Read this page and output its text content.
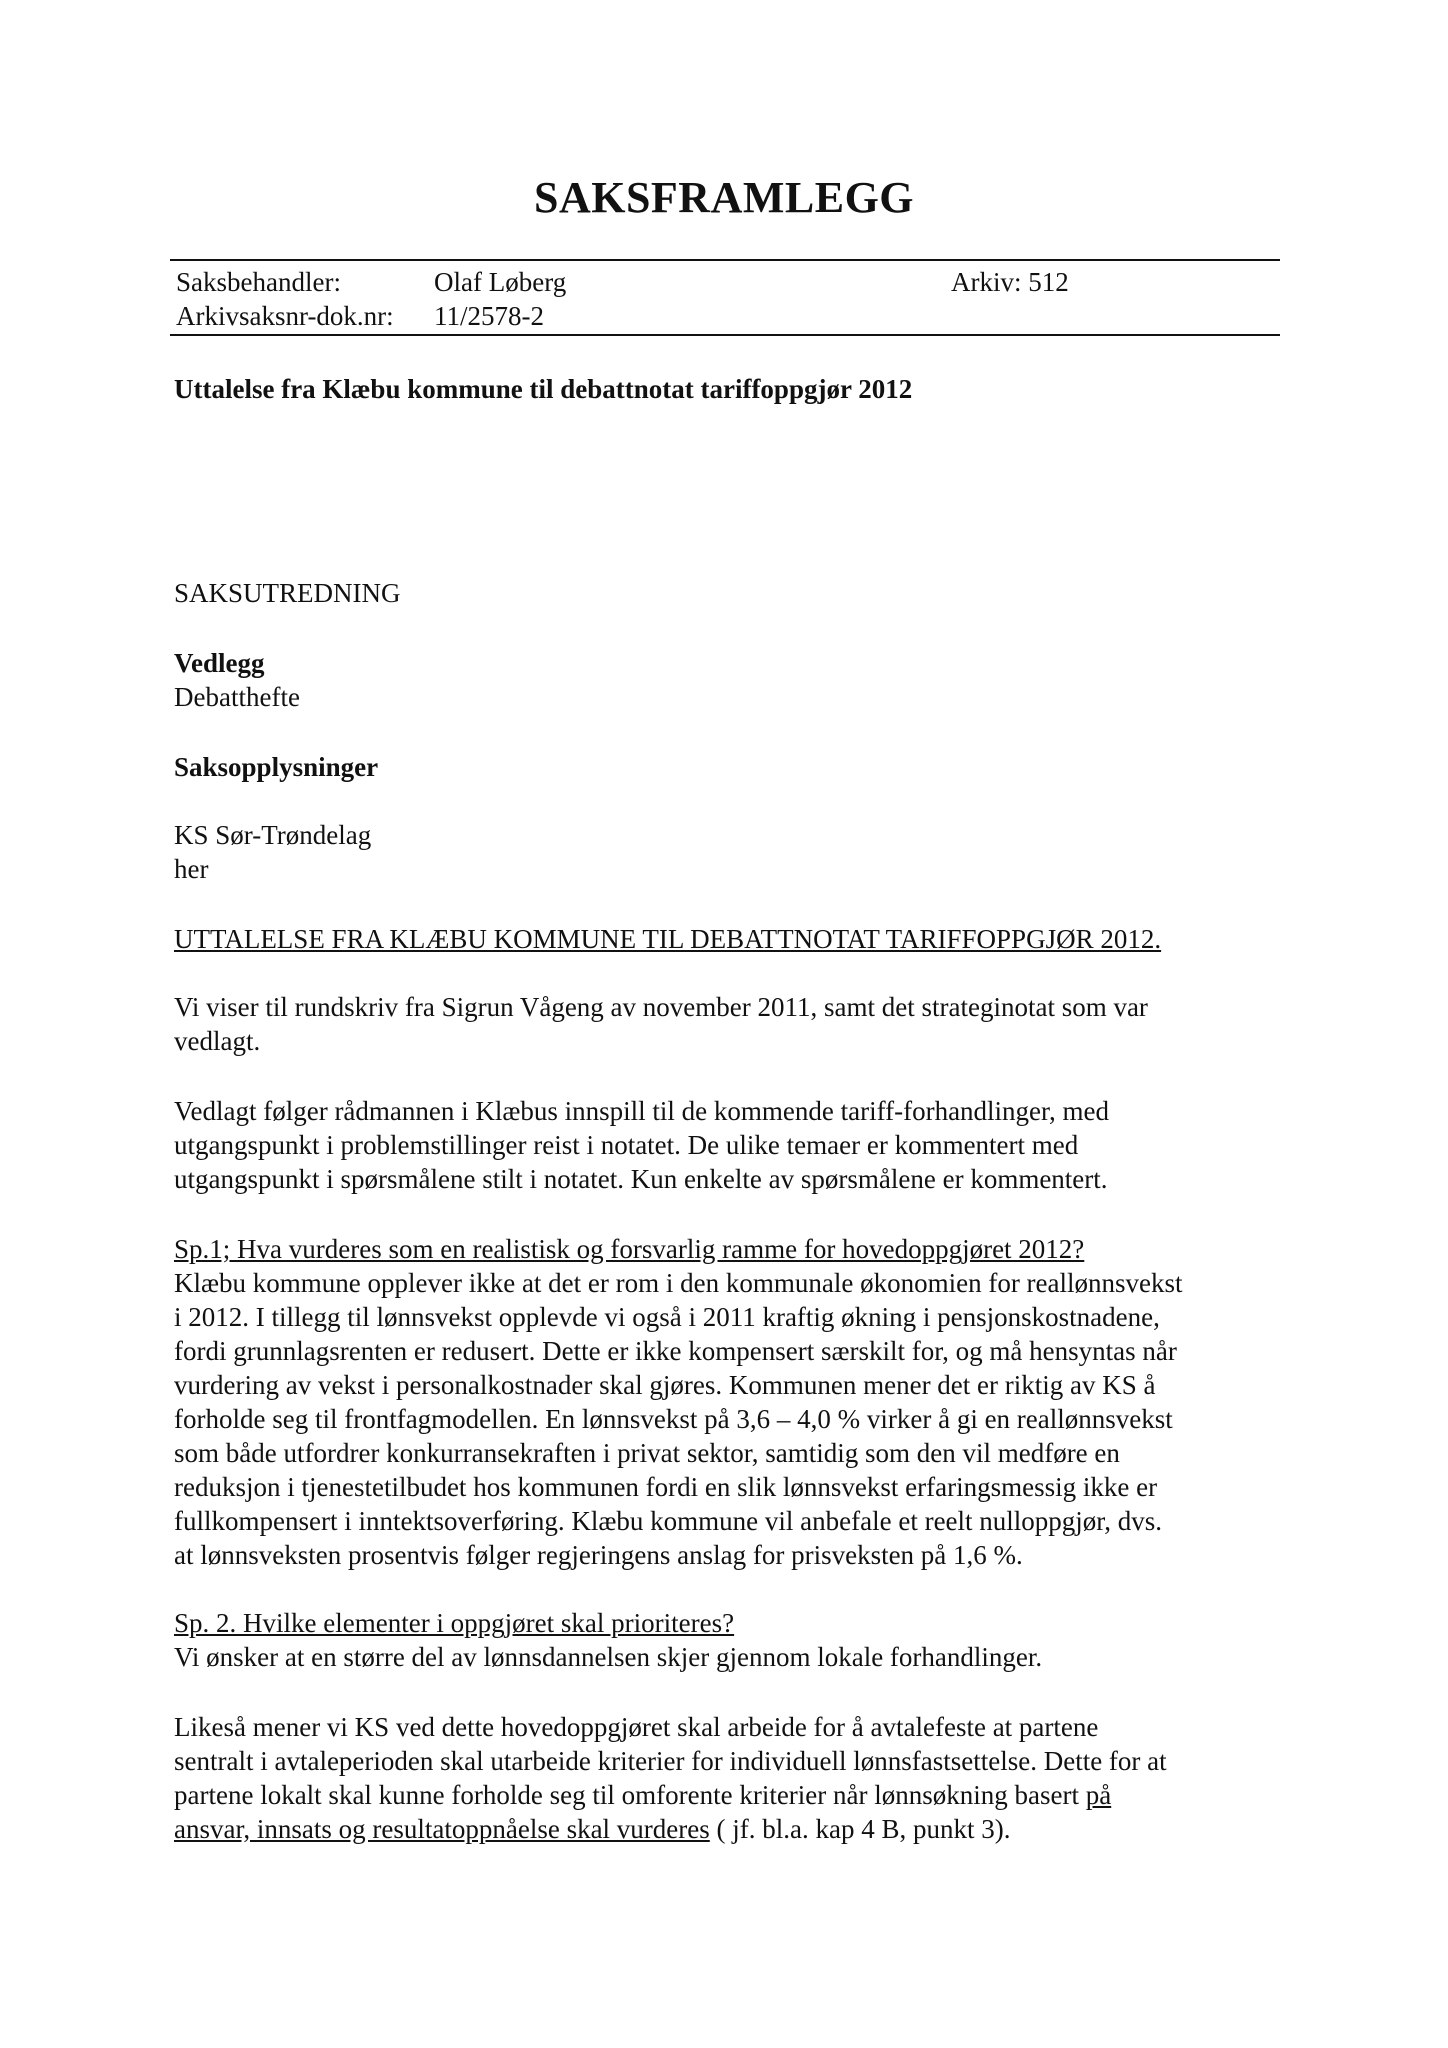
SAKSFRAMLEGG
Saksbehandler:	Olaf Løberg	Arkiv: 512
Arkivsaksnr-dok.nr: 11/2578-2
Uttalelse fra Klæbu kommune til debattnotat tariffoppgjør 2012
SAKSUTREDNING
Vedlegg
Debatthefte
Saksopplysninger
KS Sør-Trøndelag
her
UTTALELSE FRA KLÆBU KOMMUNE TIL DEBATTNOTAT TARIFFOPPGJØR 2012.
Vi viser til rundskriv fra Sigrun Vågeng av november 2011, samt det strateginotat som var
vedlagt.
Vedlagt følger rådmannen i Klæbus innspill til de kommende tariff-forhandlinger, med
utgangspunkt i problemstillinger reist i notatet. De ulike temaer er kommentert med
utgangspunkt i spørsmålene stilt i notatet. Kun enkelte av spørsmålene er kommentert.
Sp.1; Hva vurderes som en realistisk og forsvarlig ramme for hovedoppgjøret 2012?
Klæbu kommune opplever ikke at det er rom i den kommunale økonomien for reallønnsvekst
i 2012. I tillegg til lønnsvekst opplevde vi også i 2011 kraftig økning i pensjonskostnadene,
fordi grunnlagsrenten er redusert. Dette er ikke kompensert særskilt for, og må hensyntas når
vurdering av vekst i personalkostnader skal gjøres. Kommunen mener det er riktig av KS å
forholde seg til frontfagmodellen. En lønnsvekst på 3,6 – 4,0 % virker å gi en reallønnsvekst
som både utfordrer konkurransekraften i privat sektor, samtidig som den vil medføre en
reduksjon i tjenestetilbudet hos kommunen fordi en slik lønnsvekst erfaringsmessig ikke er
fullkompensert i inntektsoverføring. Klæbu kommune vil anbefale et reelt nulloppgjør, dvs.
at lønnsveksten prosentvis følger regjeringens anslag for prisveksten på 1,6 %.
Sp. 2. Hvilke elementer i oppgjøret skal prioriteres?
Vi ønsker at en større del av lønnsdannelsen skjer gjennom lokale forhandlinger.
Likeså mener vi KS ved dette hovedoppgjøret skal arbeide for å avtalefeste at partene
sentralt i avtaleperioden skal utarbeide kriterier for individuell lønnsfastsettelse. Dette for at
partene lokalt skal kunne forholde seg til omforente kriterier når lønnsøkning basert på
ansvar, innsats og resultatoppnåelse skal vurderes ( jf. bl.a. kap 4 B, punkt 3).
